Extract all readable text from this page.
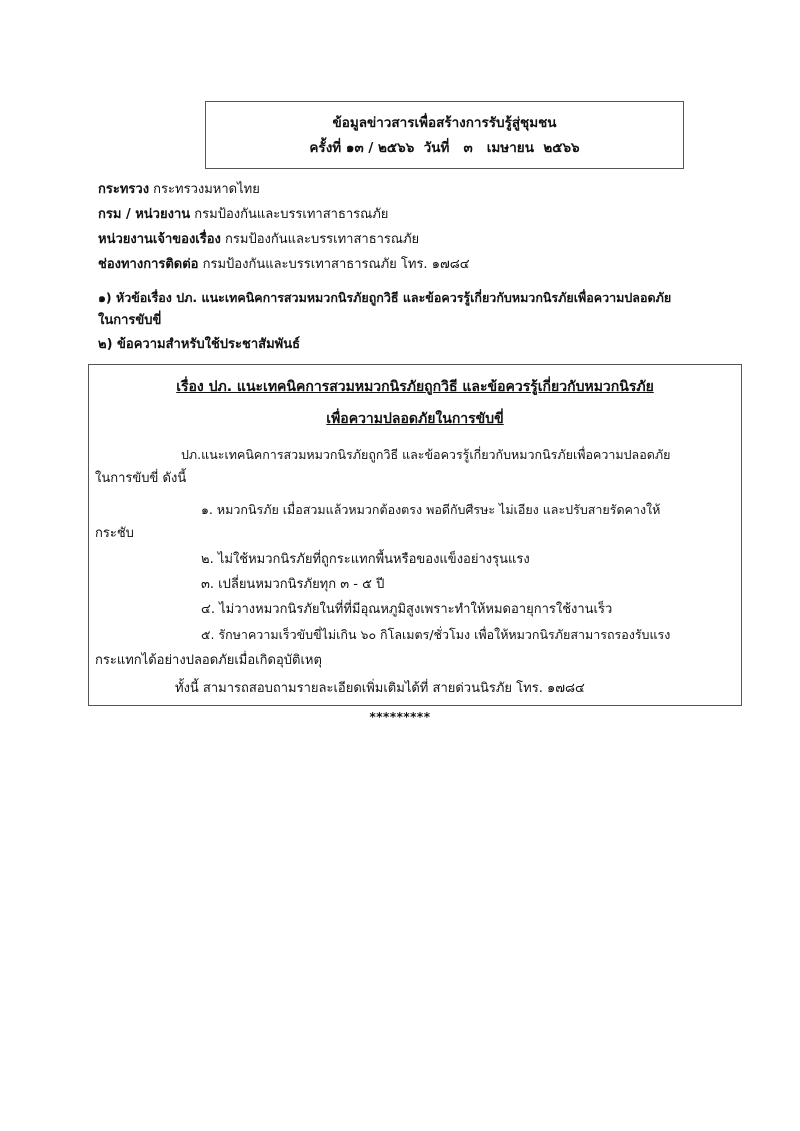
ข้อมูลข่าวสารเพื่อสร้างการรับรู้สู่ชุมชน
ครั้งที่ ๑๓ / ๒๕๖๖  วันที่   ๓   เมษายน  ๒๕๖๖
กระทรวง กระทรวงมหาดไทย
กรม / หน่วยงาน กรมป้องกันและบรรเทาสาธารณภัย
หน่วยงานเจ้าของเรื่อง กรมป้องกันและบรรเทาสาธารณภัย
ช่องทางการติดต่อ กรมป้องกันและบรรเทาสาธารณภัย โทร. ๑๗๘๔
๑) หัวข้อเรื่อง ปภ. แนะเทคนิคการสวมหมวกนิรภัยถูกวิธี และข้อควรรู้เกี่ยวกับหมวกนิรภัยเพื่อความปลอดภัย
ในการขับขี่
๒) ข้อความสำหรับใช้ประชาสัมพันธ์
เรื่อง ปภ. แนะเทคนิคการสวมหมวกนิรภัยถูกวิธี และข้อควรรู้เกี่ยวกับหมวกนิรภัย
เพื่อความปลอดภัยในการขับขี่
ปภ.แนะเทคนิคการสวมหมวกนิรภัยถูกวิธี และข้อควรรู้เกี่ยวกับหมวกนิรภัยเพื่อความปลอดภัย
ในการขับขี่ ดังนี้
๑. หมวกนิรภัย เมื่อสวมแล้วหมวกต้องตรง พอดีกับศีรษะ ไม่เอียง และปรับสายรัดคางให้
กระชับ
๒. ไม่ใช้หมวกนิรภัยที่ถูกระแทกพื้นหรือของแข็งอย่างรุนแรง
๓. เปลี่ยนหมวกนิรภัยทุก ๓ - ๕ ปี
๔. ไม่วางหมวกนิรภัยในที่ที่มีอุณหภูมิสูงเพราะทำให้หมดอายุการใช้งานเร็ว
๕. รักษาความเร็วขับขี่ไม่เกิน ๖๐ กิโลเมตร/ชั่วโมง เพื่อให้หมวกนิรภัยสามารถรองรับแรง
กระแทกได้อย่างปลอดภัยเมื่อเกิดอุบัติเหตุ
ทั้งนี้ สามารถสอบถามรายละเอียดเพิ่มเติมได้ที่ สายด่วนนิรภัย โทร. ๑๗๘๔
*********
